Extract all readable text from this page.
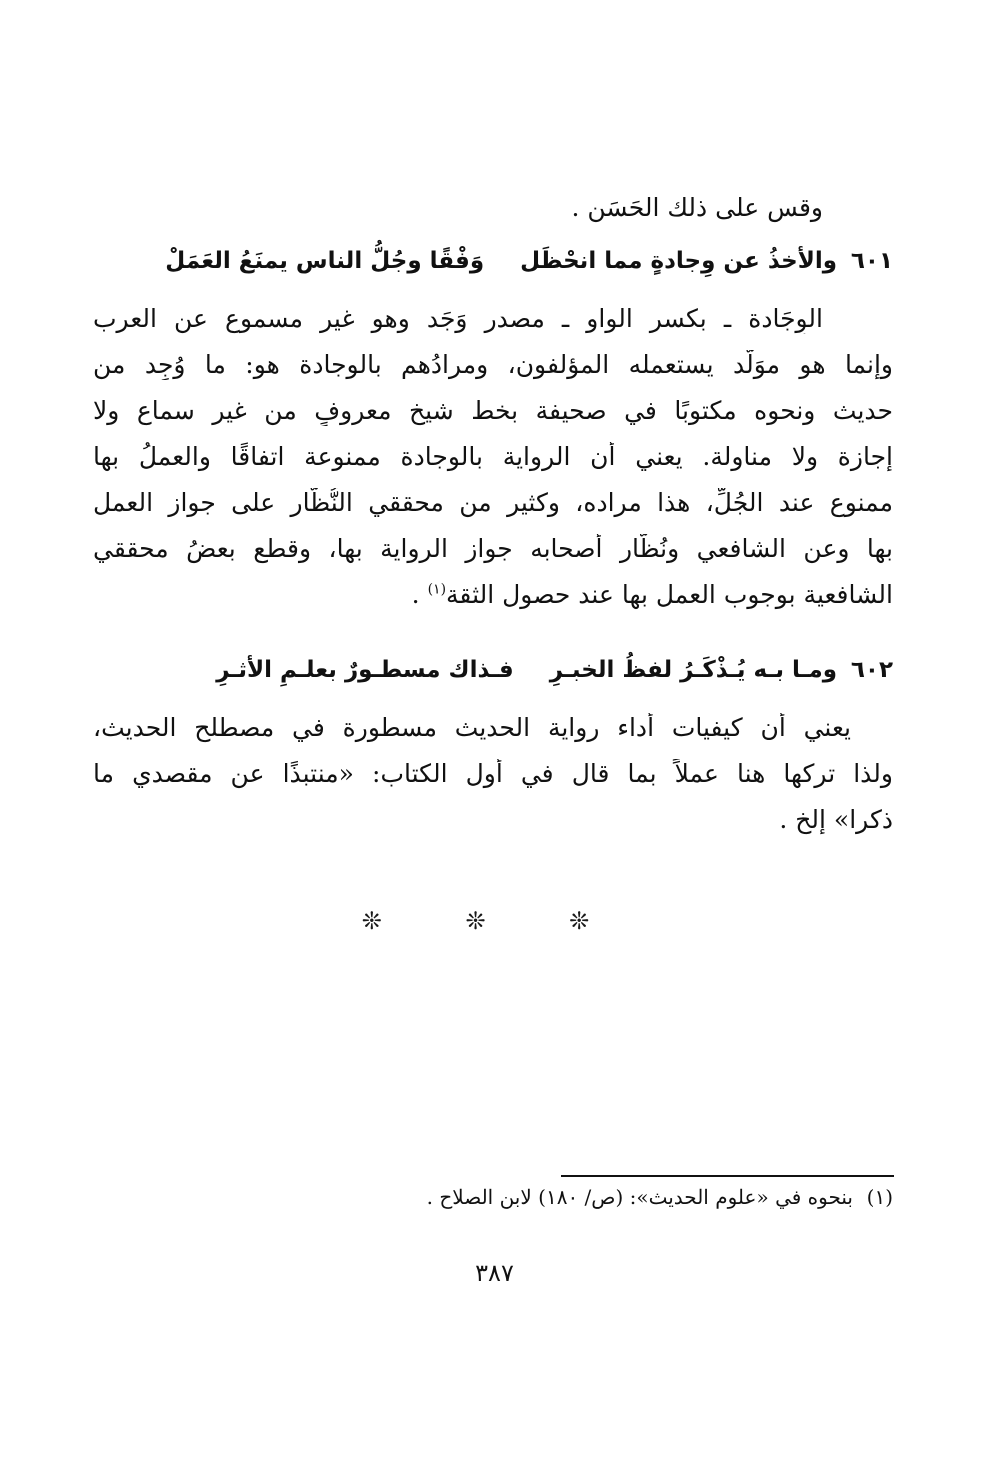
وقس على ذلك الحَسَن .
٦٠١والأخذُ عن وِجادةٍ مما انحْظَلوَفْقًا وجُلُّ الناس يمنَعُ العَمَلْ
الوِجَادة ـ بكسر الواو ـ مصدر وَجَد وهو غير مسموع عن العرب
وإنما هو موَلَّد يستعمله المؤلفون، ومرادُهم بالوجادة هو: ما وُجِد من
حديث ونحوه مكتوبًا في صحيفة بخط شيخ معروفٍ من غير سماعٍ ولا
إجازة ولا مناولة. يعني أن الرواية بالوجادة ممنوعة اتفاقًا والعملُ بها
ممنوع عند الجُلِّ، هذا مراده، وكثير من محققي النُّظَّار على جواز العمل
بها وعن الشافعي ونُظَّار أصحابه جواز الرواية بها، وقطع بعضُ محققي
الشافعية بوجوب العمل بها عند حصول الثقة$^{(١)}$ .
٦٠٢ومـا بـه يُـذْكَـرُ لفظُ الخبـرِفـذاك مسطـورٌ بعلـمِ الأثـرِ
يعني أن كيفيات أداء رواية الحديث مسطورة في مصطلح الحديث،
ولذا تركها هنا عملاً بما قال في أول الكتاب: «منتبذًا عن مقصدي ما
ذكرا» إلخ .
❊ ❊ ❊
(١)بنحوه في «علوم الحديث»: (ص/ ١٨٠) لابن الصلاح .
٣٨٧
